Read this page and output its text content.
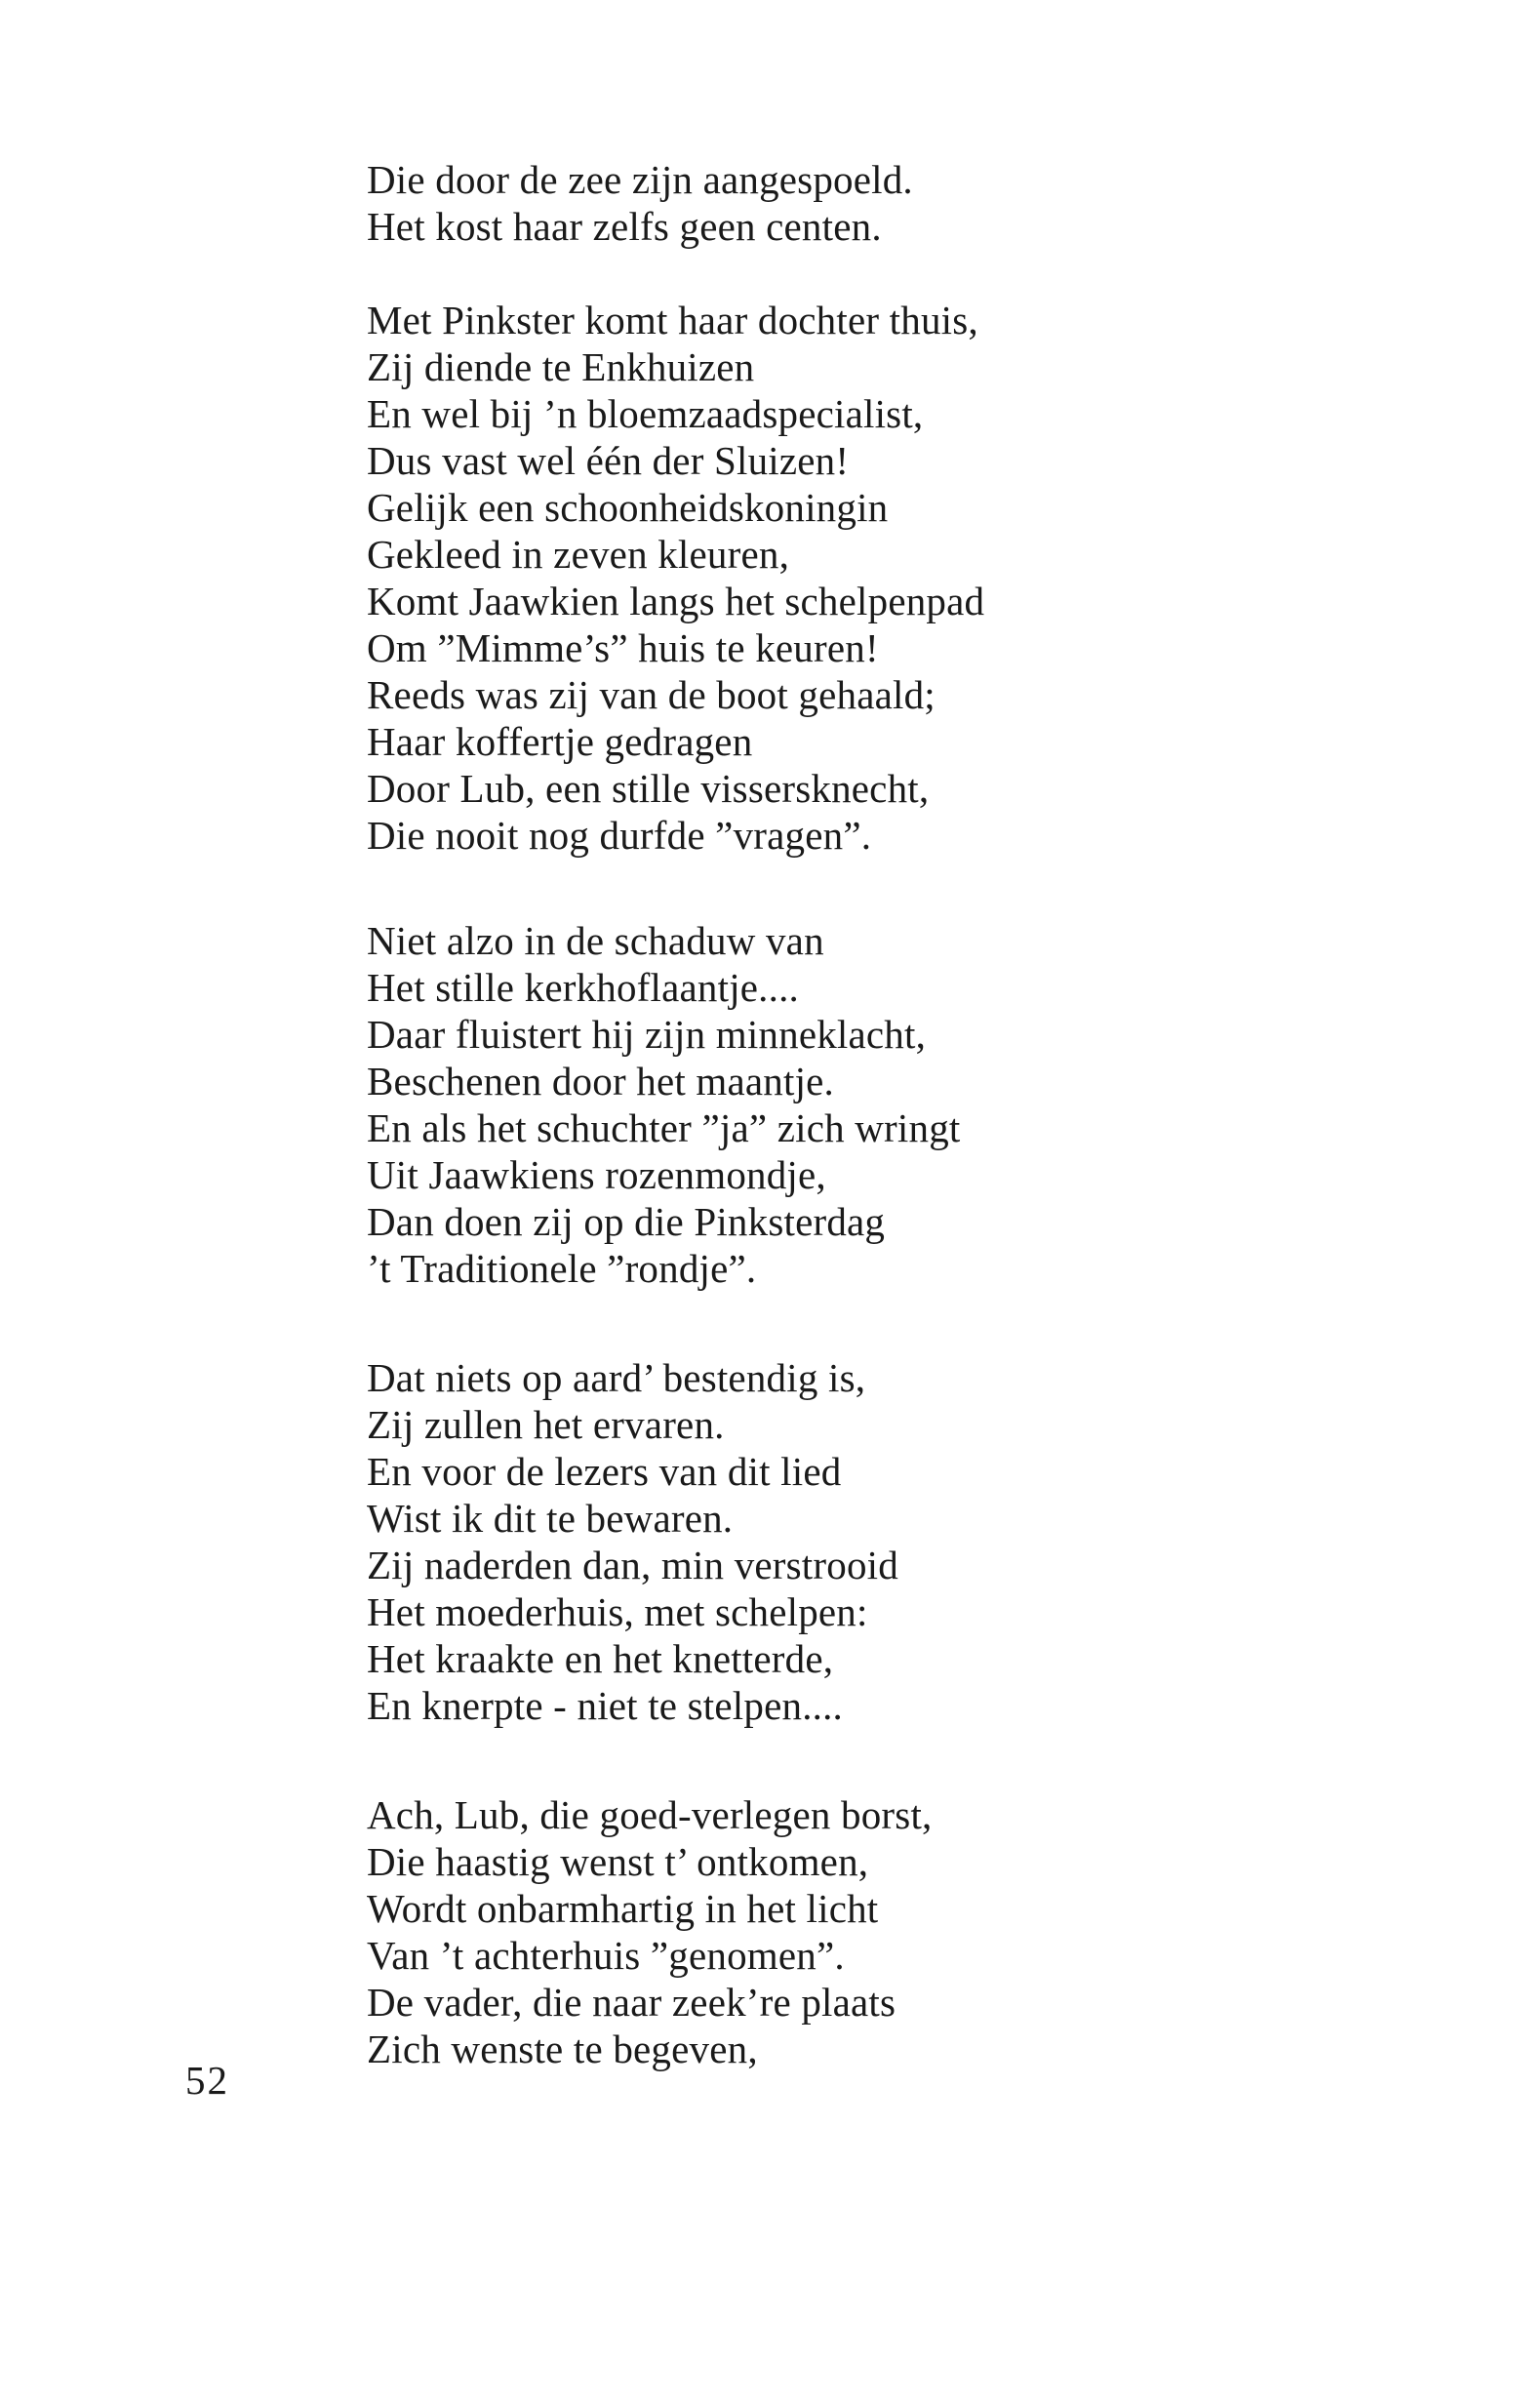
Die door de zee zijn aangespoeld.
Het kost haar zelfs geen centen.
Met Pinkster komt haar dochter thuis,
Zij diende te Enkhuizen
En wel bij ’n bloemzaadspecialist,
Dus vast wel één der Sluizen!
Gelijk een schoonheidskoningin
Gekleed in zeven kleuren,
Komt Jaawkien langs het schelpenpad
Om ”Mimme’s” huis te keuren!
Reeds was zij van de boot gehaald;
Haar koffertje gedragen
Door Lub, een stille vissersknecht,
Die nooit nog durfde ”vragen”.
Niet alzo in de schaduw van
Het stille kerkhoflaantje....
Daar fluistert hij zijn minneklacht,
Beschenen door het maantje.
En als het schuchter ”ja” zich wringt
Uit Jaawkiens rozenmondje,
Dan doen zij op die Pinksterdag
’t Traditionele ”rondje”.
Dat niets op aard’ bestendig is,
Zij zullen het ervaren.
En voor de lezers van dit lied
Wist ik dit te bewaren.
Zij naderden dan, min verstrooid
Het moederhuis, met schelpen:
Het kraakte en het knetterde,
En knerpte - niet te stelpen....
Ach, Lub, die goed-verlegen borst,
Die haastig wenst t’ ontkomen,
Wordt onbarmhartig in het licht
Van ’t achterhuis ”genomen”.
De vader, die naar zeek’re plaats
Zich wenste te begeven,
52
